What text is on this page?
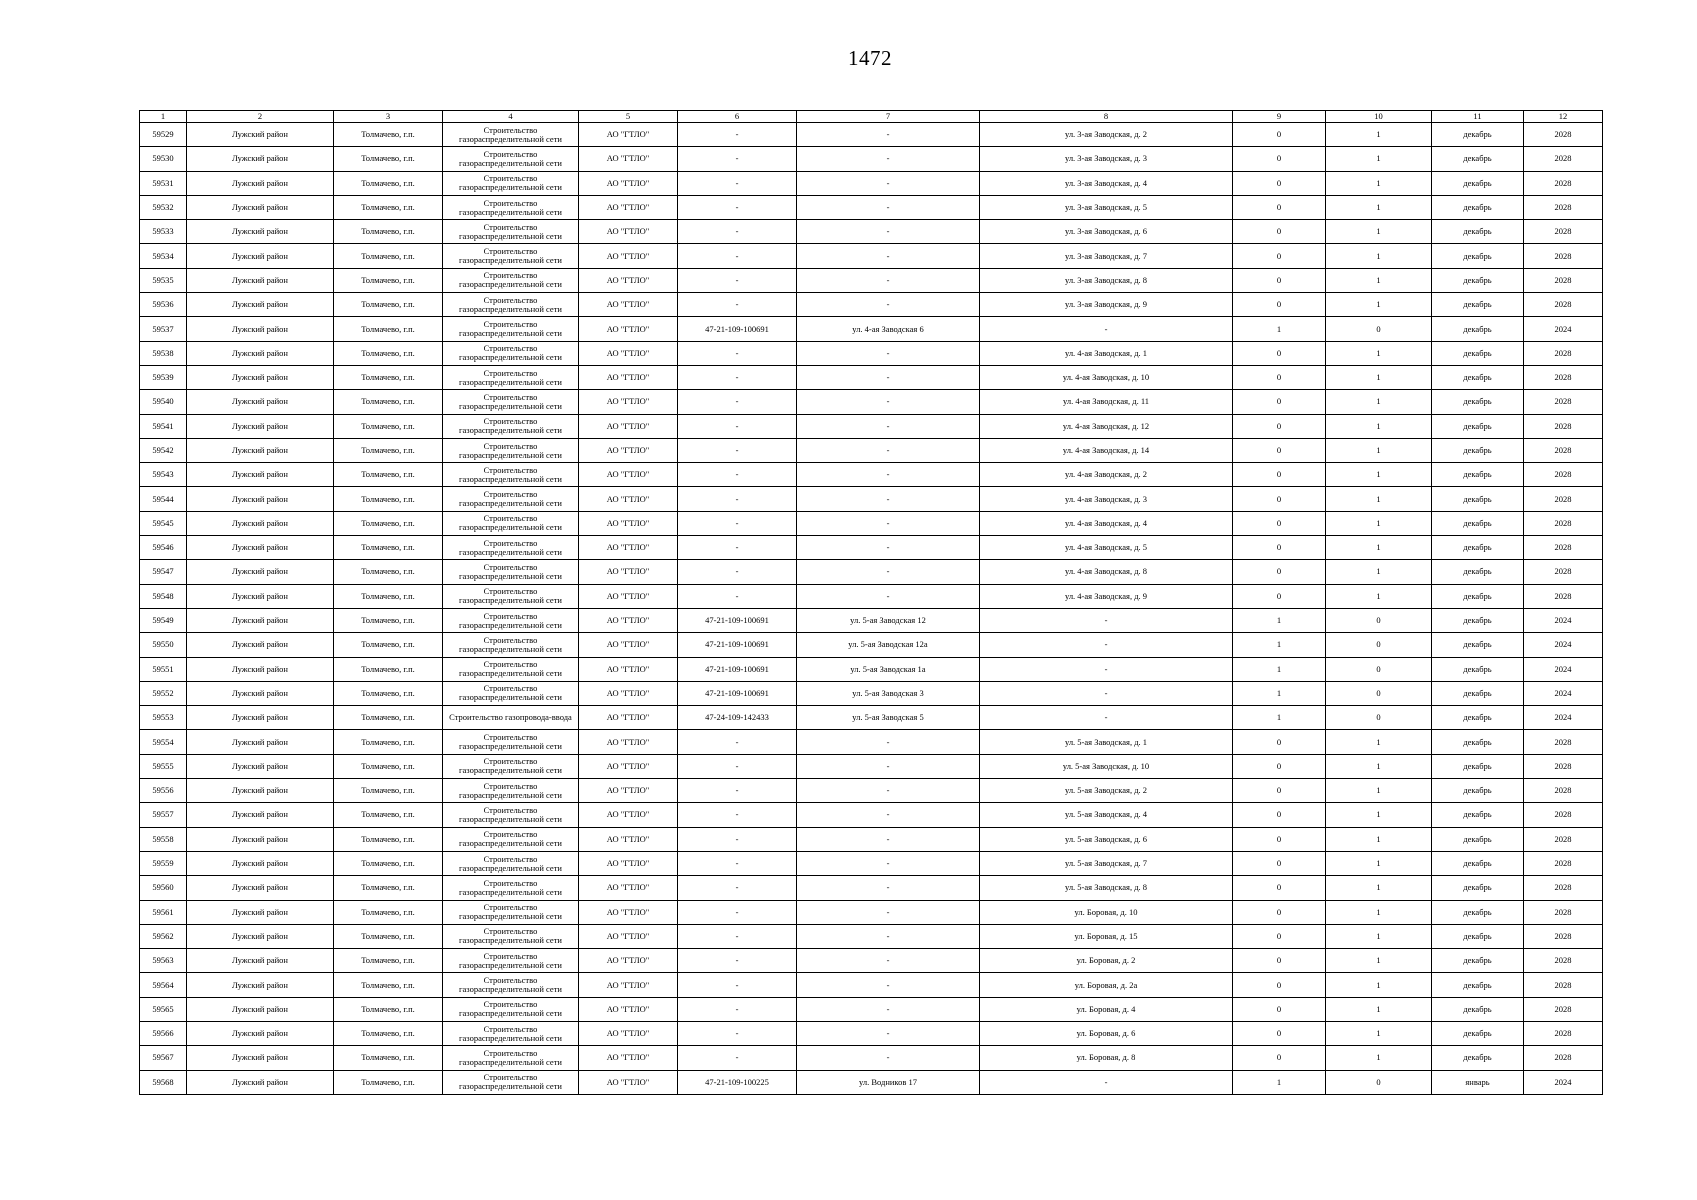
1472
1	2	3	4	5	6	7	8	9	10	11	12
59529	Лужский район	Толмачево, г.п.	Строительство газораспределительной сети	АО "ГТЛО"	-	-	ул. 3-ая Заводская, д. 2	0	1	декабрь	2028
59530	Лужский район	Толмачево, г.п.	Строительство газораспределительной сети	АО "ГТЛО"	-	-	ул. 3-ая Заводская, д. 3	0	1	декабрь	2028
59531	Лужский район	Толмачево, г.п.	Строительство газораспределительной сети	АО "ГТЛО"	-	-	ул. 3-ая Заводская, д. 4	0	1	декабрь	2028
59532	Лужский район	Толмачево, г.п.	Строительство газораспределительной сети	АО "ГТЛО"	-	-	ул. 3-ая Заводская, д. 5	0	1	декабрь	2028
59533	Лужский район	Толмачево, г.п.	Строительство газораспределительной сети	АО "ГТЛО"	-	-	ул. 3-ая Заводская, д. 6	0	1	декабрь	2028
59534	Лужский район	Толмачево, г.п.	Строительство газораспределительной сети	АО "ГТЛО"	-	-	ул. 3-ая Заводская, д. 7	0	1	декабрь	2028
59535	Лужский район	Толмачево, г.п.	Строительство газораспределительной сети	АО "ГТЛО"	-	-	ул. 3-ая Заводская, д. 8	0	1	декабрь	2028
59536	Лужский район	Толмачево, г.п.	Строительство газораспределительной сети	АО "ГТЛО"	-	-	ул. 3-ая Заводская, д. 9	0	1	декабрь	2028
59537	Лужский район	Толмачево, г.п.	Строительство газораспределительной сети	АО "ГТЛО"	47-21-109-100691	ул. 4-ая Заводская 6	-	1	0	декабрь	2024
59538	Лужский район	Толмачево, г.п.	Строительство газораспределительной сети	АО "ГТЛО"	-	-	ул. 4-ая Заводская, д. 1	0	1	декабрь	2028
59539	Лужский район	Толмачево, г.п.	Строительство газораспределительной сети	АО "ГТЛО"	-	-	ул. 4-ая Заводская, д. 10	0	1	декабрь	2028
59540	Лужский район	Толмачево, г.п.	Строительство газораспределительной сети	АО "ГТЛО"	-	-	ул. 4-ая Заводская, д. 11	0	1	декабрь	2028
59541	Лужский район	Толмачево, г.п.	Строительство газораспределительной сети	АО "ГТЛО"	-	-	ул. 4-ая Заводская, д. 12	0	1	декабрь	2028
59542	Лужский район	Толмачево, г.п.	Строительство газораспределительной сети	АО "ГТЛО"	-	-	ул. 4-ая Заводская, д. 14	0	1	декабрь	2028
59543	Лужский район	Толмачево, г.п.	Строительство газораспределительной сети	АО "ГТЛО"	-	-	ул. 4-ая Заводская, д. 2	0	1	декабрь	2028
59544	Лужский район	Толмачево, г.п.	Строительство газораспределительной сети	АО "ГТЛО"	-	-	ул. 4-ая Заводская, д. 3	0	1	декабрь	2028
59545	Лужский район	Толмачево, г.п.	Строительство газораспределительной сети	АО "ГТЛО"	-	-	ул. 4-ая Заводская, д. 4	0	1	декабрь	2028
59546	Лужский район	Толмачево, г.п.	Строительство газораспределительной сети	АО "ГТЛО"	-	-	ул. 4-ая Заводская, д. 5	0	1	декабрь	2028
59547	Лужский район	Толмачево, г.п.	Строительство газораспределительной сети	АО "ГТЛО"	-	-	ул. 4-ая Заводская, д. 8	0	1	декабрь	2028
59548	Лужский район	Толмачево, г.п.	Строительство газораспределительной сети	АО "ГТЛО"	-	-	ул. 4-ая Заводская, д. 9	0	1	декабрь	2028
59549	Лужский район	Толмачево, г.п.	Строительство газораспределительной сети	АО "ГТЛО"	47-21-109-100691	ул. 5-ая Заводская 12	-	1	0	декабрь	2024
59550	Лужский район	Толмачево, г.п.	Строительство газораспределительной сети	АО "ГТЛО"	47-21-109-100691	ул. 5-ая Заводская 12а	-	1	0	декабрь	2024
59551	Лужский район	Толмачево, г.п.	Строительство газораспределительной сети	АО "ГТЛО"	47-21-109-100691	ул. 5-ая Заводская 1а	-	1	0	декабрь	2024
59552	Лужский район	Толмачево, г.п.	Строительство газораспределительной сети	АО "ГТЛО"	47-21-109-100691	ул. 5-ая Заводская 3	-	1	0	декабрь	2024
59553	Лужский район	Толмачево, г.п.	Строительство газопровода-ввода	АО "ГТЛО"	47-24-109-142433	ул. 5-ая Заводская 5	-	1	0	декабрь	2024
59554	Лужский район	Толмачево, г.п.	Строительство газораспределительной сети	АО "ГТЛО"	-	-	ул. 5-ая Заводская, д. 1	0	1	декабрь	2028
59555	Лужский район	Толмачево, г.п.	Строительство газораспределительной сети	АО "ГТЛО"	-	-	ул. 5-ая Заводская, д. 10	0	1	декабрь	2028
59556	Лужский район	Толмачево, г.п.	Строительство газораспределительной сети	АО "ГТЛО"	-	-	ул. 5-ая Заводская, д. 2	0	1	декабрь	2028
59557	Лужский район	Толмачево, г.п.	Строительство газораспределительной сети	АО "ГТЛО"	-	-	ул. 5-ая Заводская, д. 4	0	1	декабрь	2028
59558	Лужский район	Толмачево, г.п.	Строительство газораспределительной сети	АО "ГТЛО"	-	-	ул. 5-ая Заводская, д. 6	0	1	декабрь	2028
59559	Лужский район	Толмачево, г.п.	Строительство газораспределительной сети	АО "ГТЛО"	-	-	ул. 5-ая Заводская, д. 7	0	1	декабрь	2028
59560	Лужский район	Толмачево, г.п.	Строительство газораспределительной сети	АО "ГТЛО"	-	-	ул. 5-ая Заводская, д. 8	0	1	декабрь	2028
59561	Лужский район	Толмачево, г.п.	Строительство газораспределительной сети	АО "ГТЛО"	-	-	ул. Боровая, д. 10	0	1	декабрь	2028
59562	Лужский район	Толмачево, г.п.	Строительство газораспределительной сети	АО "ГТЛО"	-	-	ул. Боровая, д. 15	0	1	декабрь	2028
59563	Лужский район	Толмачево, г.п.	Строительство газораспределительной сети	АО "ГТЛО"	-	-	ул. Боровая, д. 2	0	1	декабрь	2028
59564	Лужский район	Толмачево, г.п.	Строительство газораспределительной сети	АО "ГТЛО"	-	-	ул. Боровая, д. 2а	0	1	декабрь	2028
59565	Лужский район	Толмачево, г.п.	Строительство газораспределительной сети	АО "ГТЛО"	-	-	ул. Боровая, д. 4	0	1	декабрь	2028
59566	Лужский район	Толмачево, г.п.	Строительство газораспределительной сети	АО "ГТЛО"	-	-	ул. Боровая, д. 6	0	1	декабрь	2028
59567	Лужский район	Толмачево, г.п.	Строительство газораспределительной сети	АО "ГТЛО"	-	-	ул. Боровая, д. 8	0	1	декабрь	2028
59568	Лужский район	Толмачево, г.п.	Строительство газораспределительной сети	АО "ГТЛО"	47-21-109-100225	ул. Водников 17	-	1	0	январь	2024
